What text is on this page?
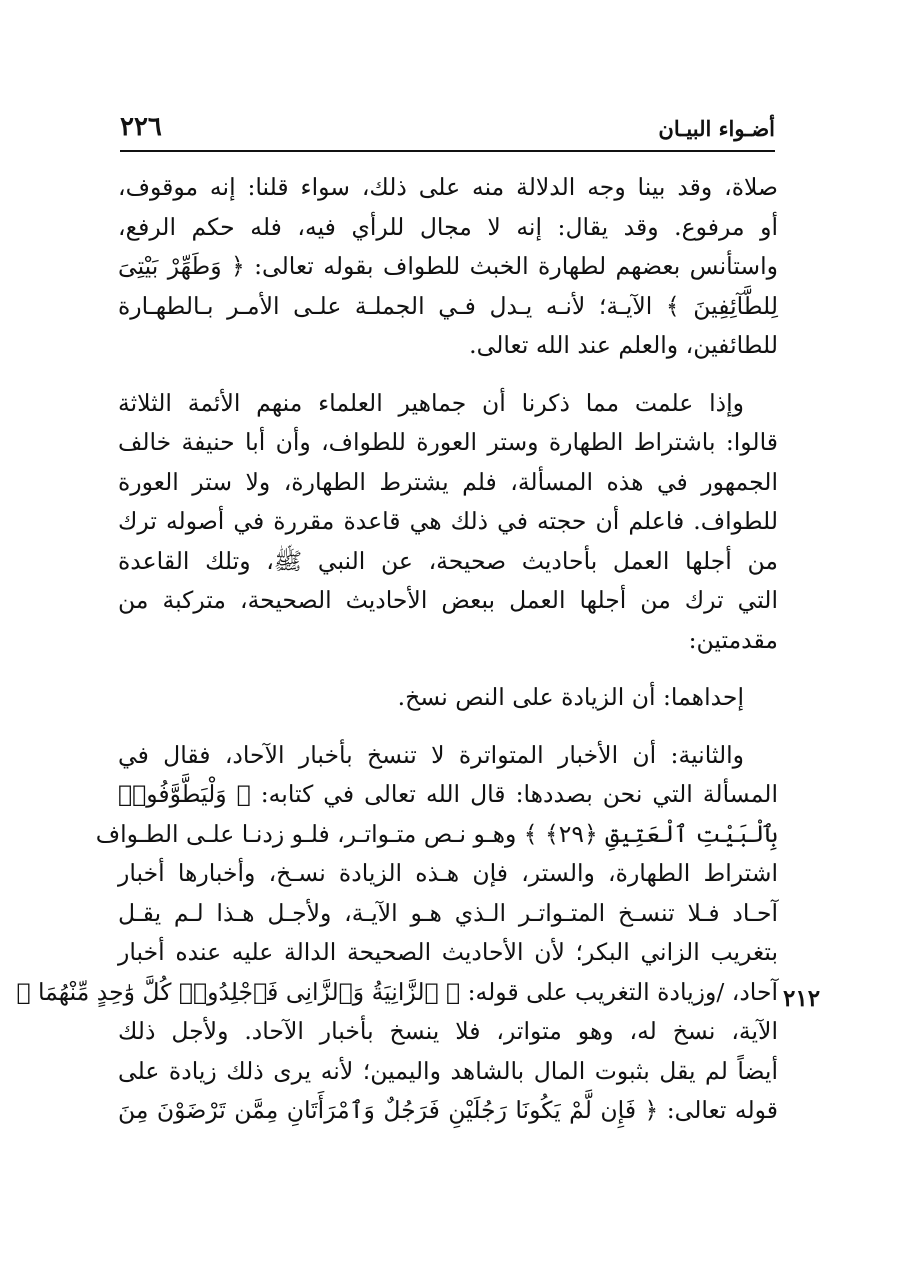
٢٢٦	أضـواء البيـان
٢١٢
صلاة، وقد بينا وجه الدلالة منه على ذلك، سواء قلنا: إنه موقوف،
أو مرفوع. وقد يقال: إنه لا مجال للرأي فيه، فله حكم الرفع،
واستأنس بعضهم لطهارة الخبث للطواف بقوله تعالى: ﴿ وَطَهِّرْ بَيْتِىَ
لِلطَّآئِفِينَ ﴾ الآيـة؛ لأنـه يـدل فـي الجملـة علـى الأمـر بـالطهـارة
للطائفين، والعلم عند الله تعالى.
وإذا علمت مما ذكرنا أن جماهير العلماء منهم الأئمة الثلاثة
قالوا: باشتراط الطهارة وستر العورة للطواف، وأن أبا حنيفة خالف
الجمهور في هذه المسألة، فلم يشترط الطهارة، ولا ستر العورة
للطواف. فاعلم أن حجته في ذلك هي قاعدة مقررة في أصوله ترك
من أجلها العمل بأحاديث صحيحة، عن النبي ﷺ، وتلك القاعدة
التي ترك من أجلها العمل ببعض الأحاديث الصحيحة، متركبة من
مقدمتين:
إحداهما: أن الزيادة على النص نسخ.
والثانية: أن الأخبار المتواترة لا تنسخ بأخبار الآحاد، فقال في
المسألة التي نحن بصددها: قال الله تعالى في كتابه: ﴿ وَلْيَطَّوَّفُوا۟
بِٱلْبَيْتِ ٱلْعَتِيقِ ﴿٢٩﴾ ﴾ وهـو نـص متـواتـر، فلـو زدنـا علـى الطـواف
اشتراط الطهارة، والستر، فإن هـذه الزيادة نسـخ، وأخبارها أخبار
آحـاد فـلا تنسـخ المتـواتـر الـذي هـو الآيـة، ولأجـل هـذا لـم يقـل
بتغريب الزاني البكر؛ لأن الأحاديث الصحيحة الدالة عليه عنده أخبار
آحاد، /وزيادة التغريب على قوله: ﴿ ٱلزَّانِيَةُ وَٱلزَّانِى فَٱجْلِدُوا۟ كُلَّ وَٰحِدٍ مِّنْهُمَا ﴾
الآية، نسخ له، وهو متواتر، فلا ينسخ بأخبار الآحاد. ولأجل ذلك
أيضاً لم يقل بثبوت المال بالشاهد واليمين؛ لأنه يرى ذلك زيادة على
قوله تعالى: ﴿ فَإِن لَّمْ يَكُونَا رَجُلَيْنِ فَرَجُلٌ وَٱمْرَأَتَانِ مِمَّن تَرْضَوْنَ مِنَ
